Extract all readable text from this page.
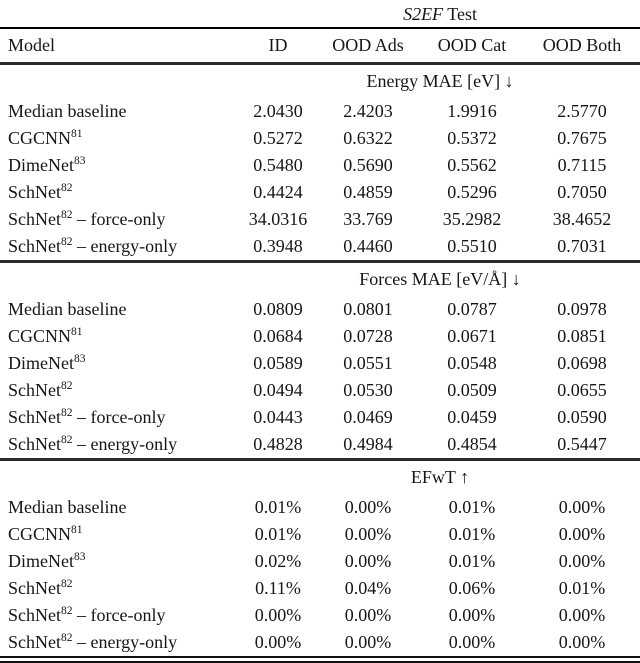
	S2EF Test			
Model	ID	OOD Ads	OOD Cat	OOD Both
	Energy MAE [eV] ↓			
Median baseline	2.0430	2.4203	1.9916	2.5770
CGCNN$^{81}$	0.5272	0.6322	0.5372	0.7675
DimeNet$^{83}$	0.5480	0.5690	0.5562	0.7115
SchNet$^{82}$	0.4424	0.4859	0.5296	0.7050
SchNet$^{82}$ – force-only	34.0316	33.769	35.2982	38.4652
SchNet$^{82}$ – energy-only	0.3948	0.4460	0.5510	0.7031
	Forces MAE [eV/Å] ↓			
Median baseline	0.0809	0.0801	0.0787	0.0978
CGCNN$^{81}$	0.0684	0.0728	0.0671	0.0851
DimeNet$^{83}$	0.0589	0.0551	0.0548	0.0698
SchNet$^{82}$	0.0494	0.0530	0.0509	0.0655
SchNet$^{82}$ – force-only	0.0443	0.0469	0.0459	0.0590
SchNet$^{82}$ – energy-only	0.4828	0.4984	0.4854	0.5447
	EFwT ↑			
Median baseline	0.01%	0.00%	0.01%	0.00%
CGCNN$^{81}$	0.01%	0.00%	0.01%	0.00%
DimeNet$^{83}$	0.02%	0.00%	0.01%	0.00%
SchNet$^{82}$	0.11%	0.04%	0.06%	0.01%
SchNet$^{82}$ – force-only	0.00%	0.00%	0.00%	0.00%
SchNet$^{82}$ – energy-only	0.00%	0.00%	0.00%	0.00%
